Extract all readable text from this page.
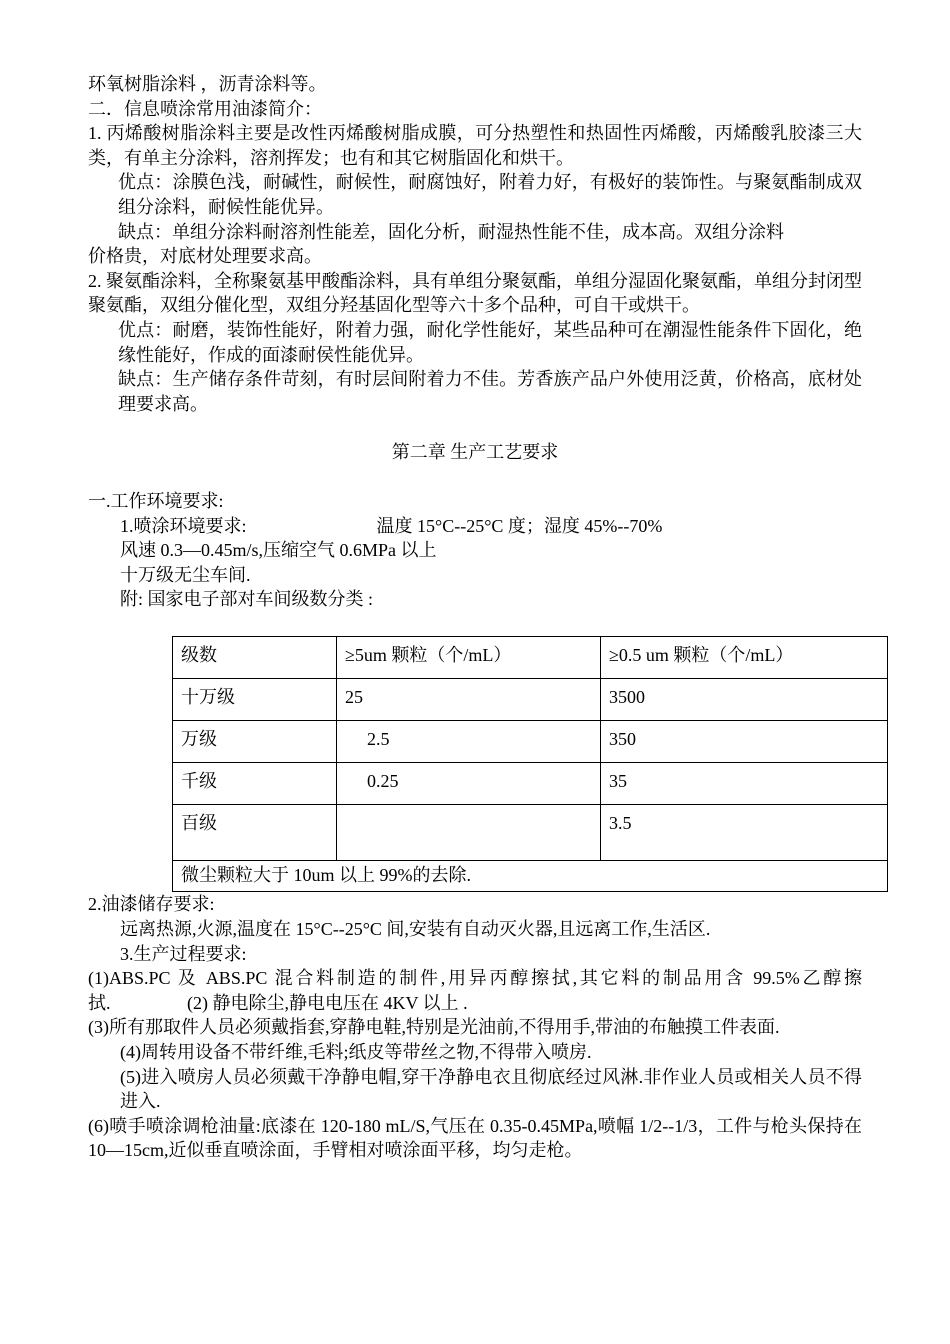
环氧树脂涂料 ，沥青涂料等。

二．信息喷涂常用油漆简介：

1. 丙烯酸树脂涂料主要是改性丙烯酸树脂成膜，可分热塑性和热固性丙烯酸，丙烯酸乳胶漆三大类，有单主分涂料，溶剂挥发；也有和其它树脂固化和烘干。

优点：涂膜色浅，耐碱性，耐候性，耐腐蚀好，附着力好，有极好的装饰性。与聚氨酯制成双组分涂料，耐候性能优异。

缺点：单组分涂料耐溶剂性能差，固化分析，耐湿热性能不佳，成本高。双组分涂料

价格贵，对底材处理要求高。

2. 聚氨酯涂料，全称聚氨基甲酸酯涂料，具有单组分聚氨酯，单组分湿固化聚氨酯，单组分封闭型聚氨酯，双组分催化型，双组分羟基固化型等六十多个品种，可自干或烘干。

优点：耐磨，装饰性能好，附着力强，耐化学性能好，某些品种可在潮湿性能条件下固化，绝缘性能好，作成的面漆耐侯性能优异。

缺点：生产储存条件苛刻，有时层间附着力不佳。芳香族产品户外使用泛黄，价格高，底材处理要求高。

第二章 生产工艺要求

一.工作环境要求:

1.喷涂环境要求:	温度 15°C--25°C 度；湿度 45%--70%

风速 0.3—0.45m/s,压缩空气 0.6MPa 以上

十万级无尘车间.

附: 国家电子部对车间级数分类 :

级数	≥5um 颗粒（个/mL）	≥0.5 um 颗粒（个/mL）
十万级	25	3500
万级	2.5	350
千级	0.25	35
百级		3.5
微尘颗粒大于 10um 以上 99%的去除.		

2.油漆储存要求:

远离热源,火源,温度在 15°C--25°C 间,安装有自动灭火器,且远离工作,生活区.

3.生产过程要求:

(1)ABS.PC 及 ABS.PC 混合料制造的制件,用异丙醇擦拭,其它料的制品用含 99.5%乙醇擦拭.	(2) 静电除尘,静电电压在 4KV 以上 .

(3)所有那取件人员必须戴指套,穿静电鞋,特别是光油前,不得用手,带油的布触摸工件表面.

(4)周转用设备不带纤维,毛料;纸皮等带丝之物,不得带入喷房.

(5)进入喷房人员必须戴干净静电帽,穿干净静电衣且彻底经过风淋.非作业人员或相关人员不得进入.

(6)喷手喷涂调枪油量:底漆在 120-180 mL/S,气压在 0.35-0.45MPa,喷幅 1/2--1/3，工件与枪头保持在 10—15cm,近似垂直喷涂面，手臂相对喷涂面平移，均匀走枪。
